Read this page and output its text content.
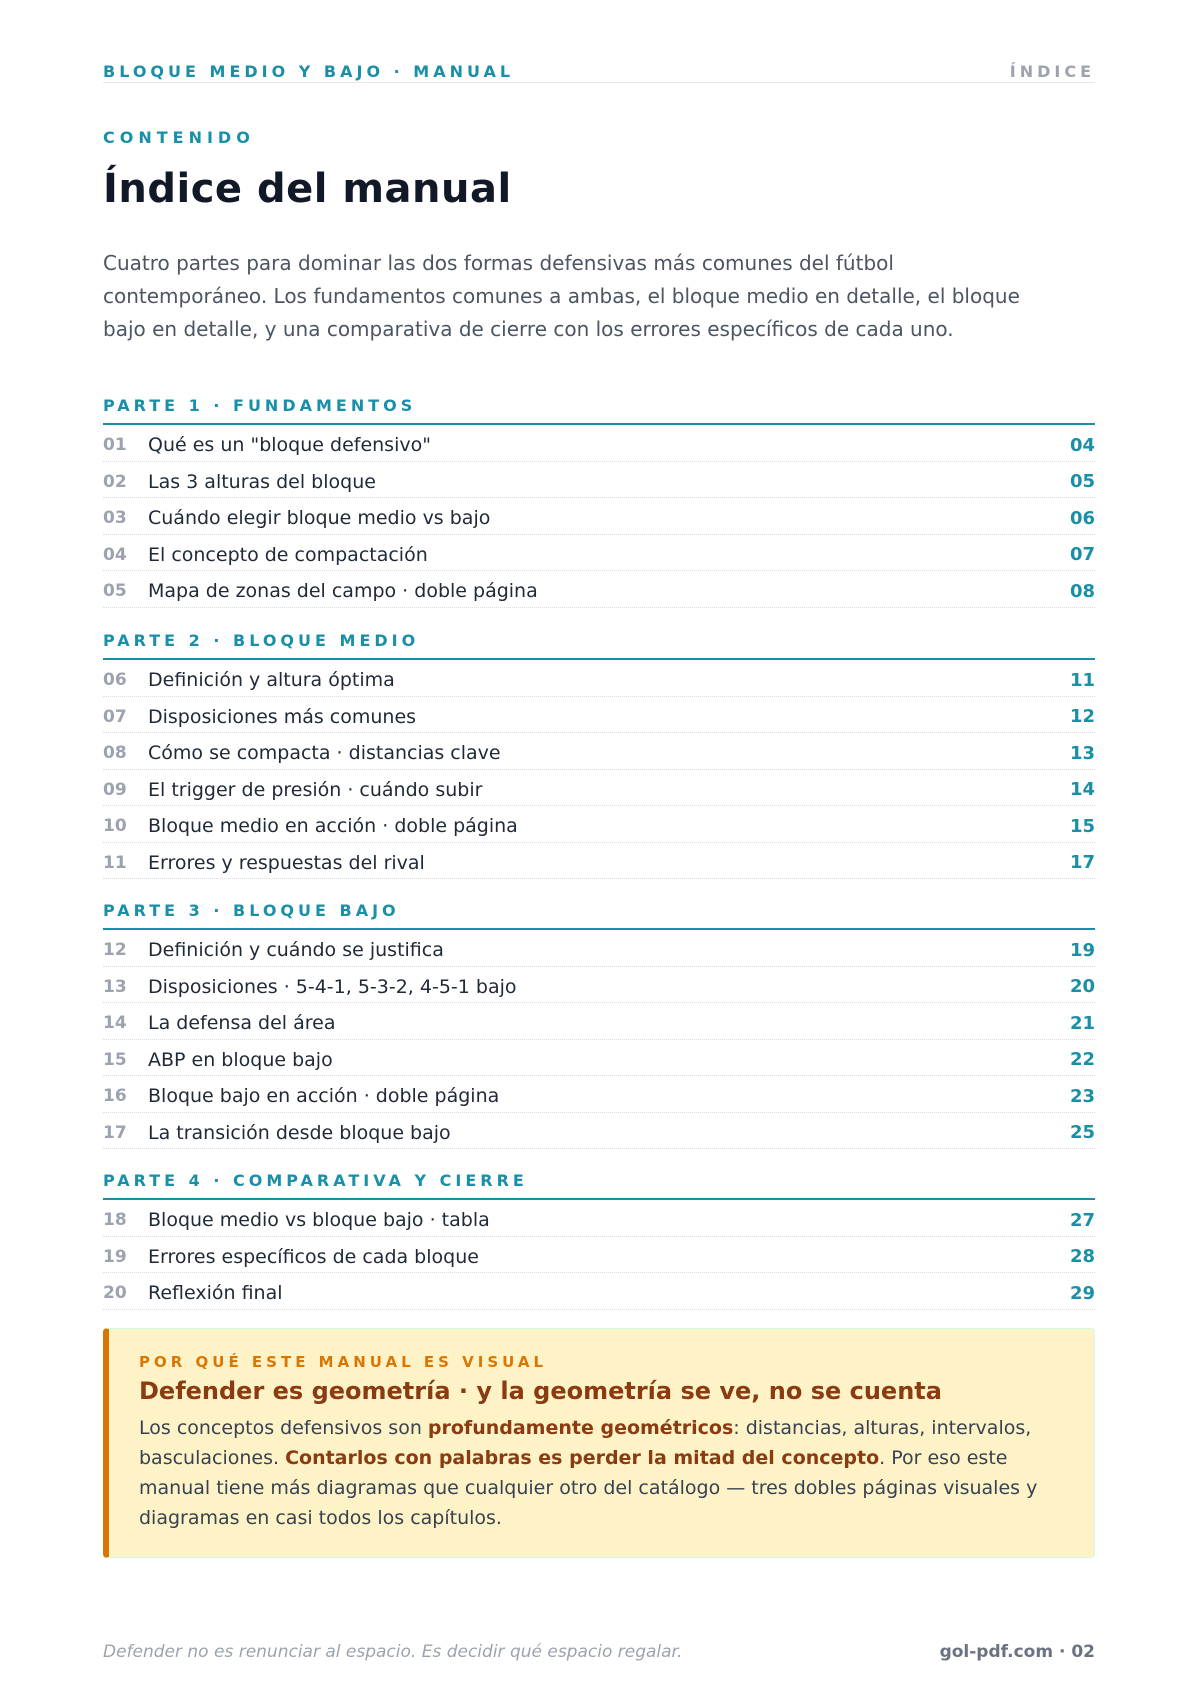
BLOQUE MEDIO Y BAJO · MANUAL	ÍNDICE
CONTENIDO
Índice del manual

Cuatro partes para dominar las dos formas defensivas más comunes del fútbol contemporáneo. Los fundamentos comunes a ambas, el bloque medio en detalle, el bloque bajo en detalle, y una comparativa de cierre con los errores específicos de cada uno.

PARTE 1 · FUNDAMENTOS
01	Qué es un "bloque defensivo"	04
02	Las 3 alturas del bloque	05
03	Cuándo elegir bloque medio vs bajo	06
04	El concepto de compactación	07
05	Mapa de zonas del campo · doble página	08
PARTE 2 · BLOQUE MEDIO
06	Definición y altura óptima	11
07	Disposiciones más comunes	12
08	Cómo se compacta · distancias clave	13
09	El trigger de presión · cuándo subir	14
10	Bloque medio en acción · doble página	15
11	Errores y respuestas del rival	17
PARTE 3 · BLOQUE BAJO
12	Definición y cuándo se justifica	19
13	Disposiciones · 5-4-1, 5-3-2, 4-5-1 bajo	20
14	La defensa del área	21
15	ABP en bloque bajo	22
16	Bloque bajo en acción · doble página	23
17	La transición desde bloque bajo	25
PARTE 4 · COMPARATIVA Y CIERRE
18	Bloque medio vs bloque bajo · tabla	27
19	Errores específicos de cada bloque	28
20	Reflexión final	29
POR QUÉ ESTE MANUAL ES VISUAL
Defender es geometría · y la geometría se ve, no se cuenta
Los conceptos defensivos son profundamente geométricos: distancias, alturas, intervalos, basculaciones. Contarlos con palabras es perder la mitad del concepto. Por eso este manual tiene más diagramas que cualquier otro del catálogo — tres dobles páginas visuales y diagramas en casi todos los capítulos.
Defender no es renunciar al espacio. Es decidir qué espacio regalar.	gol-pdf.com · 02
